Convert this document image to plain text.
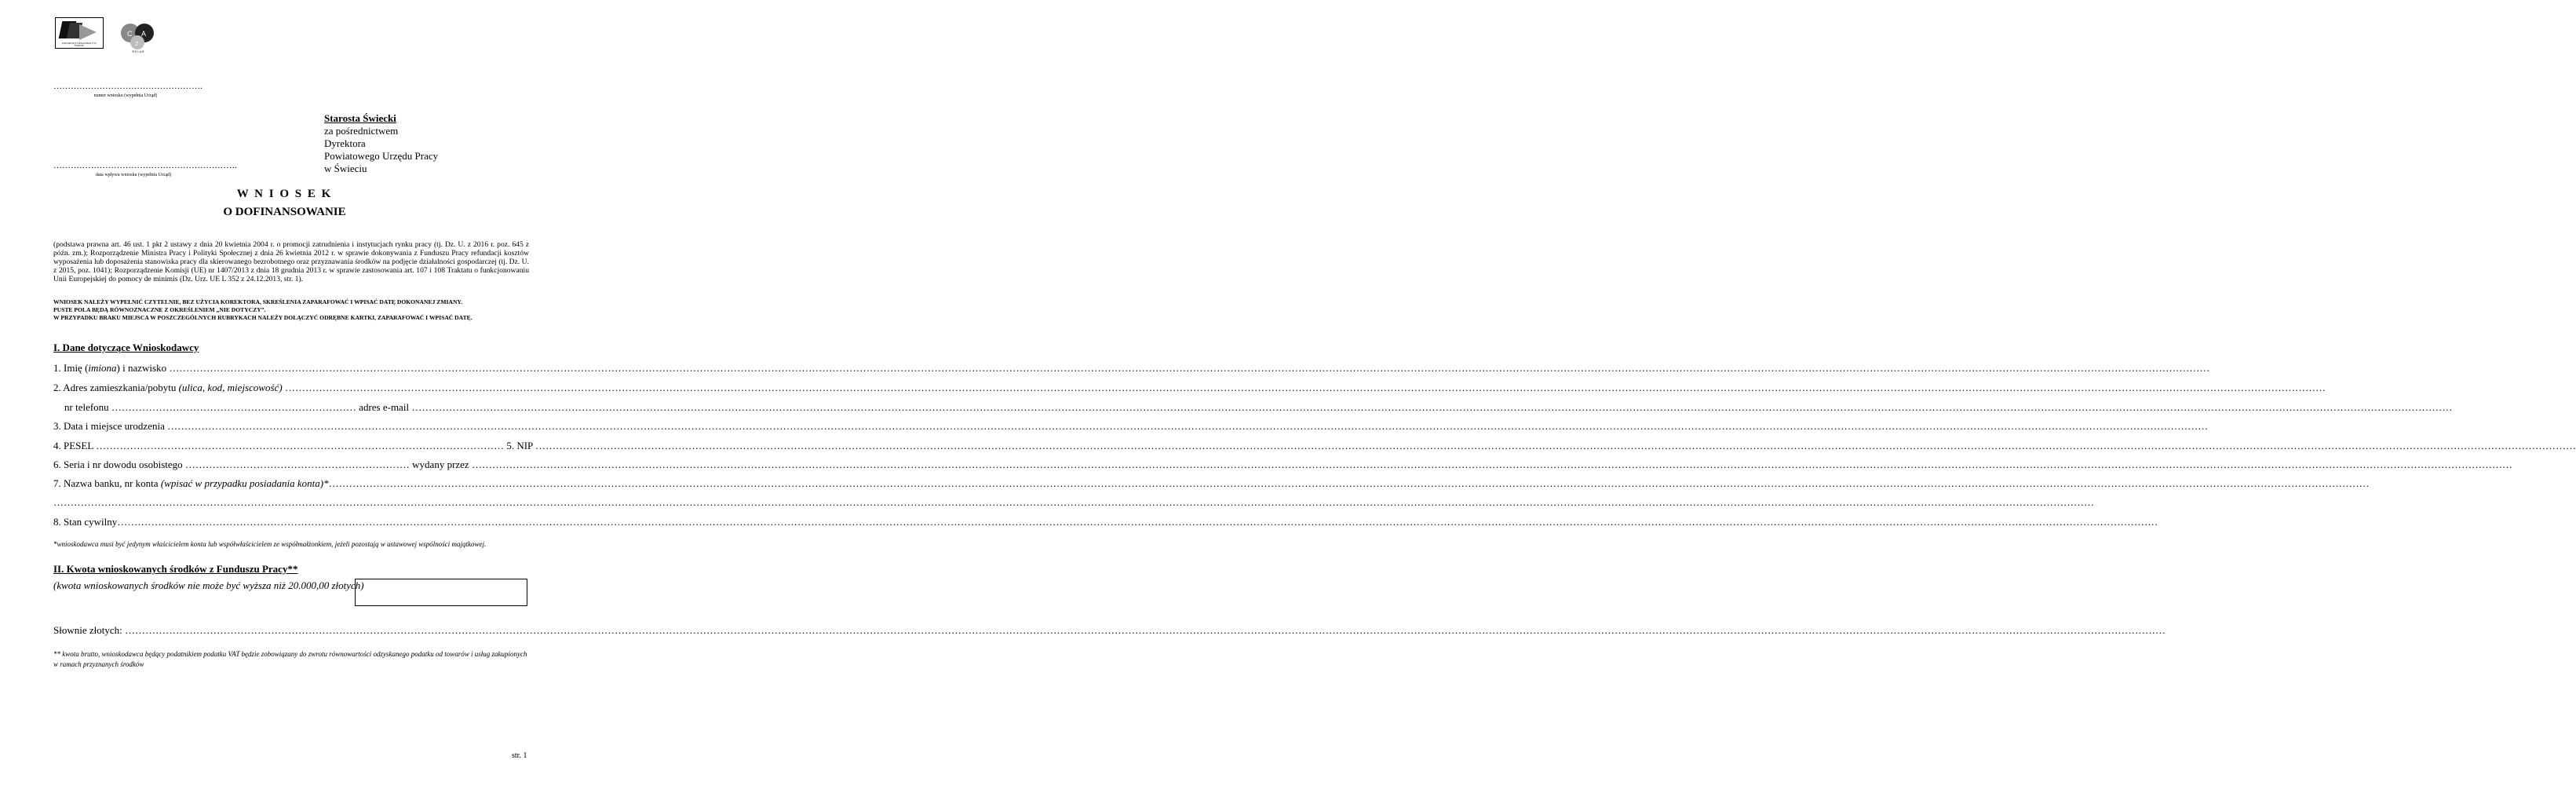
POWIATOWY URZĄD PRACY W ŚWIECIU
C A
Z
R E L A R
…………………………………………….
numer wniosku (wypełnia Urząd)
……………………………………………………….
data wpływu wniosku (wypełnia Urząd)
Starosta Świecki
za pośrednictwem
Dyrektora
Powiatowego Urzędu Pracy
w Świeciu
W N I O S E K
O DOFINANSOWANIE
(podstawa prawna art. 46 ust. 1 pkt 2 ustawy z dnia 20 kwietnia 2004 r. o promocji zatrudnienia i instytucjach rynku pracy (tj. Dz. U. z 2016 r. poz. 645 z późn. zm.); Rozporządzenie Ministra Pracy i Polityki Społecznej z dnia 26 kwietnia 2012 r. w sprawie dokonywania z Funduszu Pracy refundacji kosztów wyposażenia lub doposażenia stanowiska pracy dla skierowanego bezrobotnego oraz przyznawania środków na podjęcie działalności gospodarczej (tj. Dz. U. z 2015, poz. 1041); Rozporządzenie Komisji (UE) nr 1407/2013 z dnia 18 grudnia 2013 r. w sprawie zastosowania art. 107 i 108 Traktatu o funkcjonowaniu Unii Europejskiej do pomocy de minimis (Dz. Urz. UE L 352 z 24.12.2013, str. 1).
WNIOSEK NALEŻY WYPEŁNIĆ CZYTELNIE, BEZ UŻYCIA KOREKTORA, SKREŚLENIA ZAPARAFOWAĆ I WPISAĆ DATĘ DOKONANEJ ZMIANY.
PUSTE POLA BĘDĄ RÓWNOZNACZNE Z OKREŚLENIEM „NIE DOTYCZY”.
W PRZYPADKU BRAKU MIEJSCA W POSZCZEGÓLNYCH RUBRYKACH NALEŻY DOŁĄCZYĆ ODRĘBNE KARTKI, ZAPARAFOWAĆ I WPISAĆ DATĘ.
I. Dane dotyczące Wnioskodawcy
1. Imię (imiona) i nazwisko ……………………………………………………………………………………………………………………………………………………………………………………………………………………………………………………………………………………………………………………………………………………………………………………………………………………………………………………………………………………………………………………………………………………
2. Adres zamieszkania/pobytu (ulica, kod, miejscowość) ……………………………………………………………………………………………………………………………………………………………………………………………………………………………………………………………………………………………………………………………………………………………………………………………………………………………………………………………………………………………………………………………………………………
nr telefonu ……………………………………………………………… adres e-mail ……………………………………………………………………………………………………………………………………………………………………………………………………………………………………………………………………………………………………………………………………………………………………………………………………………………………………………………………………………………………………………………………………………………
3. Data i miejsce urodzenia ……………………………………………………………………………………………………………………………………………………………………………………………………………………………………………………………………………………………………………………………………………………………………………………………………………………………………………………………………………………………………………………………………………………
4. PESEL ………………………………………………………………………………………………………… 5. NIP ……………………………………………………………………………………………………………………………………………………………………………………………………………………………………………………………………………………………………………………………………………………………………………………………………………………………………………………………………………………………………………………………………………………
6. Seria i nr dowodu osobistego ………………………………………………………… wydany przez ……………………………………………………………………………………………………………………………………………………………………………………………………………………………………………………………………………………………………………………………………………………………………………………………………………………………………………………………………………………………………………………………………………………
7. Nazwa banku, nr konta (wpisać w przypadku posiadania konta)*……………………………………………………………………………………………………………………………………………………………………………………………………………………………………………………………………………………………………………………………………………………………………………………………………………………………………………………………………………………………………………………………………………………
……………………………………………………………………………………………………………………………………………………………………………………………………………………………………………………………………………………………………………………………………………………………………………………………………………………………………………………………………………………………………………………………………………………
8. Stan cywilny……………………………………………………………………………………………………………………………………………………………………………………………………………………………………………………………………………………………………………………………………………………………………………………………………………………………………………………………………………………………………………………………………………………
*wnioskodawca musi być jedynym właścicielem konta lub współwłaścicielem ze współmałżonkiem, jeżeli pozostają w ustawowej wspólności majątkowej.
II. Kwota wnioskowanych środków z Funduszu Pracy**
(kwota wnioskowanych środków nie może być wyższa niż 20.000,00 złotych)
Słownie złotych: ……………………………………………………………………………………………………………………………………………………………………………………………………………………………………………………………………………………………………………………………………………………………………………………………………………………………………………………………………………………………………………………………………………………
** kwota brutto, wnioskodawca będący podatnikiem podatku VAT będzie zobowiązany do zwrotu równowartości odzyskanego podatku od towarów i usług zakupionych w ramach przyznanych środków
str. 1
